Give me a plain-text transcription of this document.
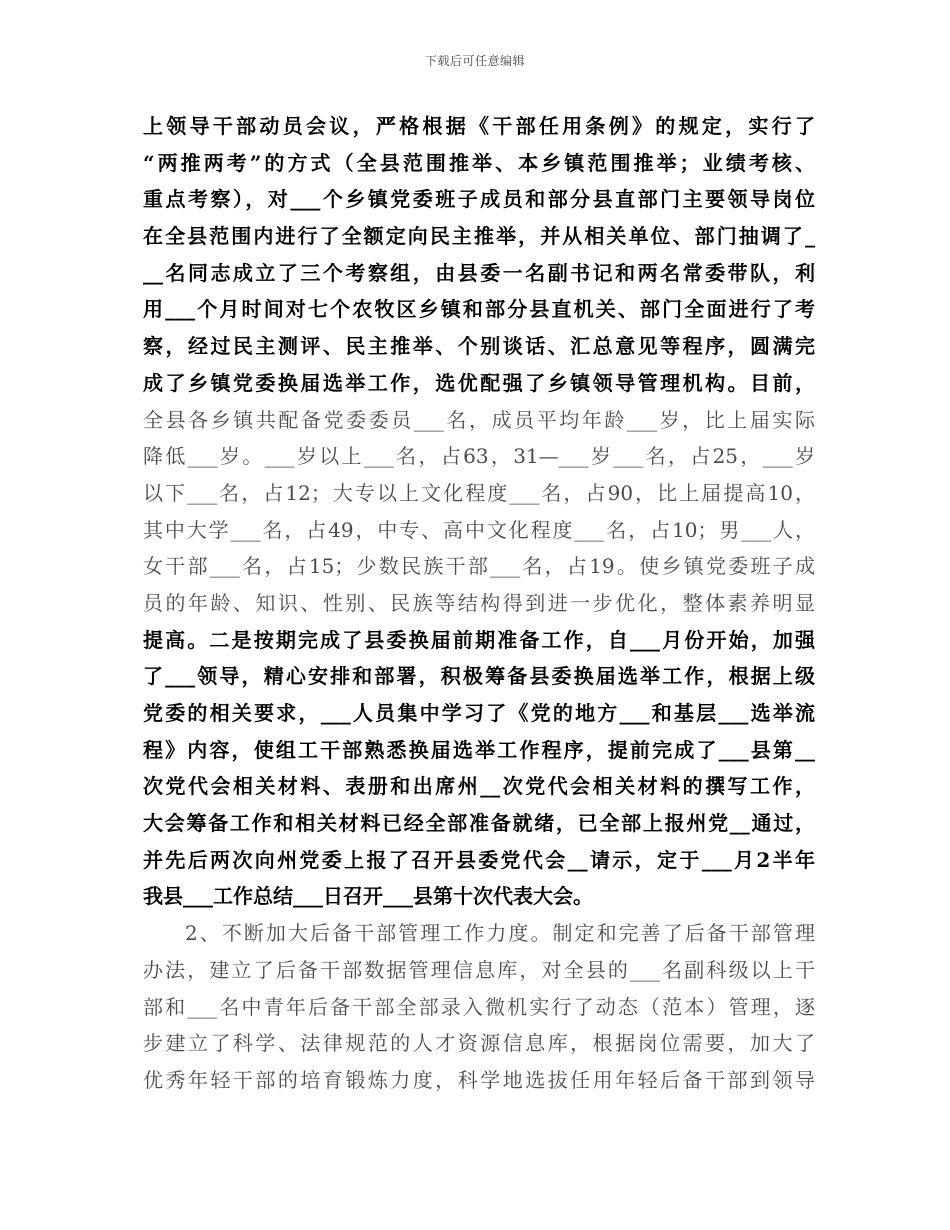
下载后可任意编辑
上领导干部动员会议，严格根据《干部任用条例》的规定，实行了
“两推两考”的方式（全县范围推举、本乡镇范围推举；业绩考核、
重点考察），对___个乡镇党委班子成员和部分县直部门主要领导岗位
在全县范围内进行了全额定向民主推举，并从相关单位、部门抽调了_
__名同志成立了三个考察组，由县委一名副书记和两名常委带队，利
用___个月时间对七个农牧区乡镇和部分县直机关、部门全面进行了考
察，经过民主测评、民主推举、个别谈话、汇总意见等程序，圆满完
成了乡镇党委换届选举工作，选优配强了乡镇领导管理机构。目前，
全县各乡镇共配备党委委员___名，成员平均年龄___岁，比上届实际
降低___岁。___岁以上___名，占63，31—___岁___名，占25，___岁
以下___名，占12；大专以上文化程度___名，占90，比上届提高10，
其中大学___名，占49，中专、高中文化程度___名，占10；男___人，
女干部___名，占15；少数民族干部___名，占19。使乡镇党委班子成
员的年龄、知识、性别、民族等结构得到进一步优化，整体素养明显
提高。二是按期完成了县委换届前期准备工作，自___月份开始，加强
了___领导，精心安排和部署，积极筹备县委换届选举工作，根据上级
党委的相关要求，___人员集中学习了《党的地方___和基层___选举流
程》内容，使组工干部熟悉换届选举工作程序，提前完成了___县第__
次党代会相关材料、表册和出席州__次党代会相关材料的撰写工作，
大会筹备工作和相关材料已经全部准备就绪，已全部上报州党__通过，
并先后两次向州党委上报了召开县委党代会__请示，定于___月2半年
我县___工作总结___日召开___县第十次代表大会。
2、不断加大后备干部管理工作力度。制定和完善了后备干部管理
办法，建立了后备干部数据管理信息库，对全县的___名副科级以上干
部和___名中青年后备干部全部录入微机实行了动态（范本）管理，逐
步建立了科学、法律规范的人才资源信息库，根据岗位需要，加大了
优秀年轻干部的培育锻炼力度，科学地选拔任用年轻后备干部到领导
